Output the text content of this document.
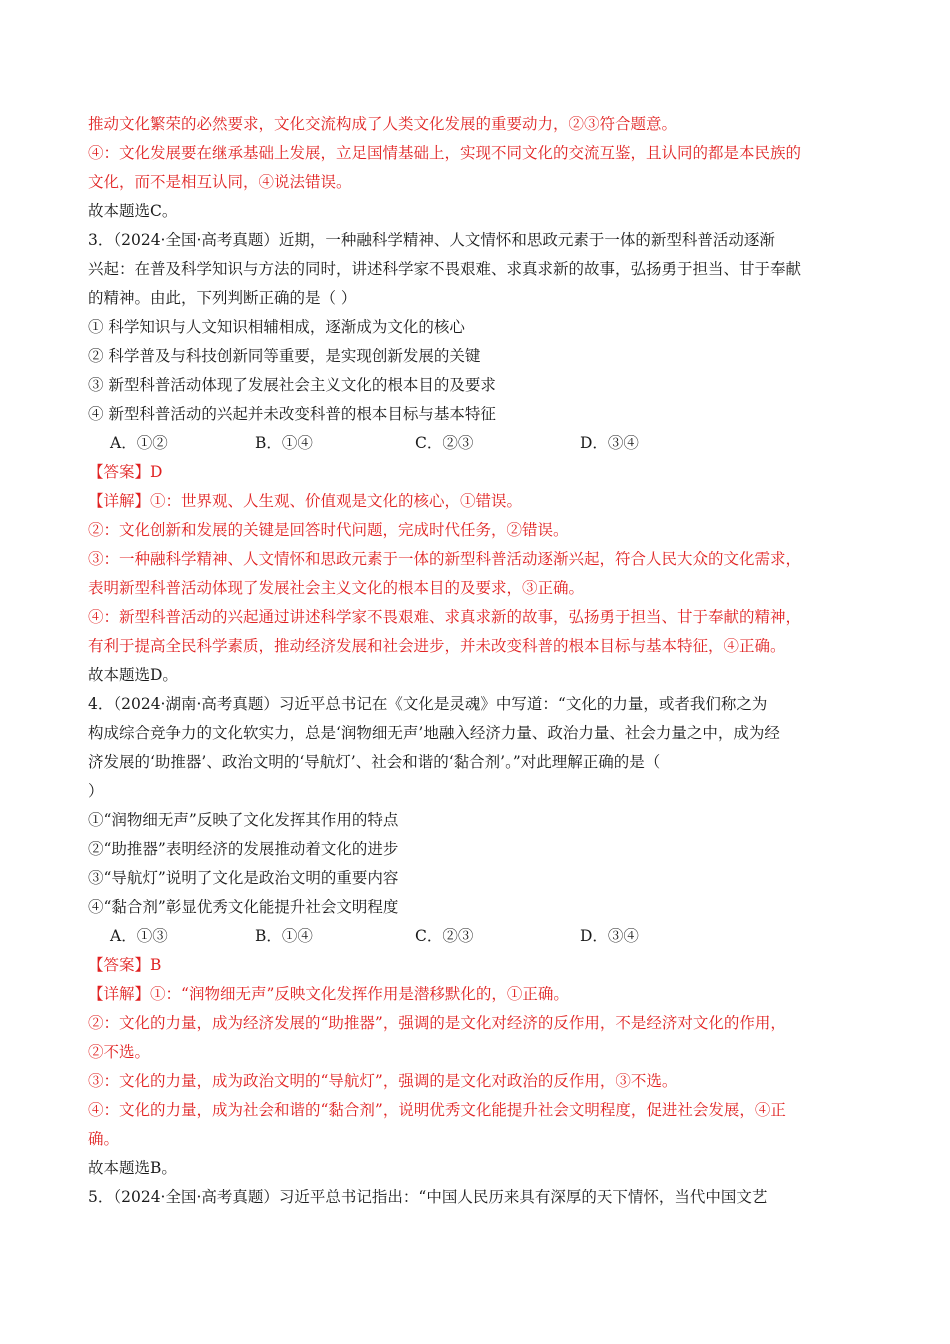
推动文化繁荣的必然要求，文化交流构成了人类文化发展的重要动力，②③符合题意。
④：文化发展要在继承基础上发展，立足国情基础上，实现不同文化的交流互鉴，且认同的都是本民族的
文化，而不是相互认同，④说法错误。
故本题选C。
3．（2024·全国·高考真题）近期，一种融科学精神、人文情怀和思政元素于一体的新型科普活动逐渐
兴起：在普及科学知识与方法的同时，讲述科学家不畏艰难、求真求新的故事，弘扬勇于担当、甘于奉献
的精神。由此，下列判断正确的是（ ）
① 科学知识与人文知识相辅相成，逐渐成为文化的核心
② 科学普及与科技创新同等重要，是实现创新发展的关键
③ 新型科普活动体现了发展社会主义文化的根本目的及要求
④ 新型科普活动的兴起并未改变科普的根本目标与基本特征
A．①②	B．①④	C．②③	D．③④
【答案】D
【详解】①：世界观、人生观、价值观是文化的核心，①错误。
②：文化创新和发展的关键是回答时代问题，完成时代任务，②错误。
③：一种融科学精神、人文情怀和思政元素于一体的新型科普活动逐渐兴起，符合人民大众的文化需求，
表明新型科普活动体现了发展社会主义文化的根本目的及要求，③正确。
④：新型科普活动的兴起通过讲述科学家不畏艰难、求真求新的故事，弘扬勇于担当、甘于奉献的精神，
有利于提高全民科学素质，推动经济发展和社会进步，并未改变科普的根本目标与基本特征，④正确。
故本题选D。
4．（2024·湖南·高考真题）习近平总书记在《文化是灵魂》中写道：“文化的力量，或者我们称之为
构成综合竞争力的文化软实力，总是‘润物细无声’地融入经济力量、政治力量、社会力量之中，成为经
济发展的‘助推器’、政治文明的‘导航灯’、社会和谐的‘黏合剂’。”对此理解正确的是（
）
①“润物细无声”反映了文化发挥其作用的特点
②“助推器”表明经济的发展推动着文化的进步
③“导航灯”说明了文化是政治文明的重要内容
④“黏合剂”彰显优秀文化能提升社会文明程度
A．①③	B．①④	C．②③	D．③④
【答案】B
【详解】①：“润物细无声”反映文化发挥作用是潜移默化的，①正确。
②：文化的力量，成为经济发展的“助推器”，强调的是文化对经济的反作用，不是经济对文化的作用，
②不选。
③：文化的力量，成为政治文明的“导航灯”，强调的是文化对政治的反作用，③不选。
④：文化的力量，成为社会和谐的“黏合剂”，说明优秀文化能提升社会文明程度，促进社会发展，④正
确。
故本题选B。
5．（2024·全国·高考真题）习近平总书记指出：“中国人民历来具有深厚的天下情怀，当代中国文艺
